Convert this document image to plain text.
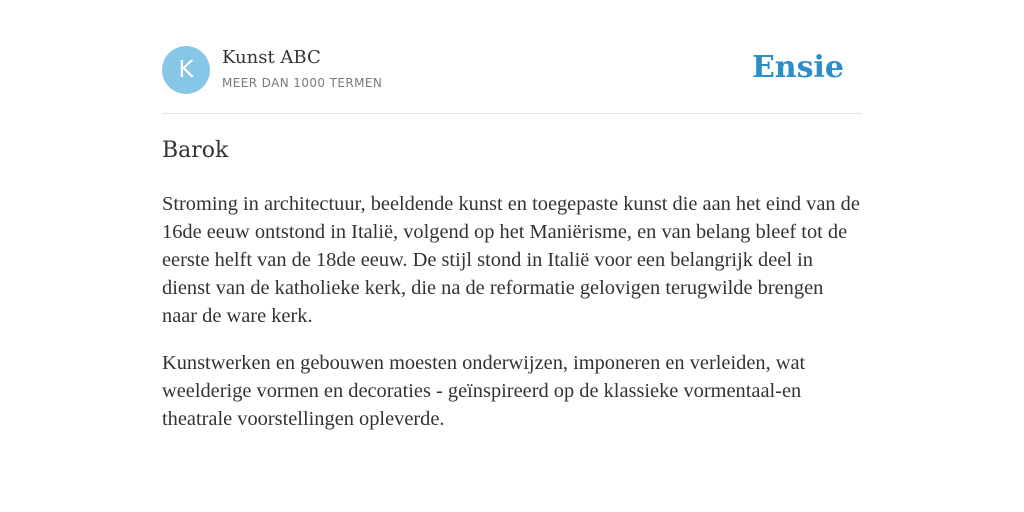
K	Kunst ABC
MEER DAN 1000 TERMEN	Ensie
Barok

Stroming in architectuur, beeldende kunst en toegepaste kunst die aan het eind van de 16de eeuw ontstond in Italië, volgend op het Maniërisme, en van belang bleef tot de eerste helft van de 18de eeuw. De stijl stond in Italië voor een belangrijk deel in dienst van de katholieke kerk, die na de reformatie gelovigen terugwilde brengen naar de ware kerk.

Kunstwerken en gebouwen moesten onderwijzen, imponeren en verleiden, wat weelderige vormen en decoraties - geïnspireerd op de klassieke vormentaal-en theatrale voorstellingen opleverde.
